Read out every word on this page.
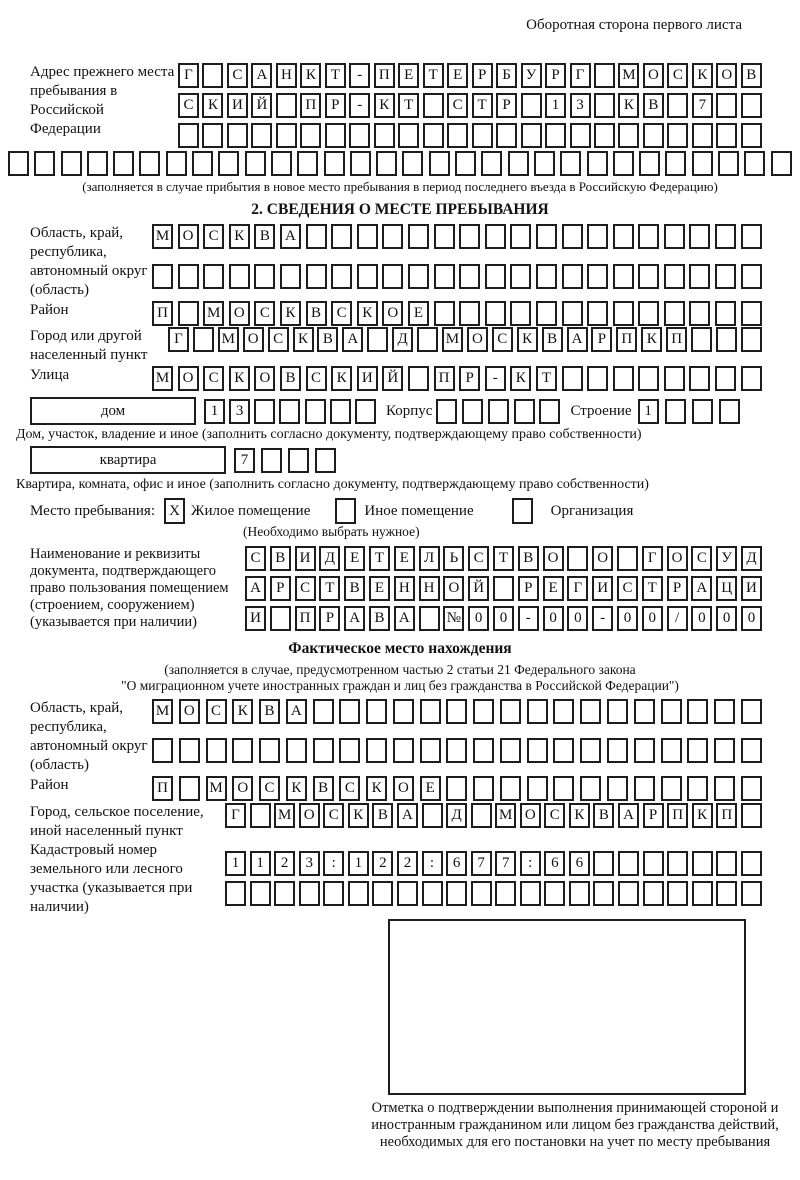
Оборотная сторона первого листа
Адрес прежнего места пребывания в Российской Федерации
Г	С А Н К Т	-	П Е	Т	Е	Р	Б У Р	Г	М О С К О В
С К И Й	П Р	-	К Т	С Т	Р	1	3	К В	7
(заполняется в случае прибытия в новое место пребывания в период последнего въезда в Российскую Федерацию)
2. СВЕДЕНИЯ О МЕСТЕ ПРЕБЫВАНИЯ
Область, край, республика, автономный округ (область)
М О	С	К	В	А
Район	П	М О	С	К	В	С	К	О	Е
Город или другой населенный пункт
Г	М О С К В А	Д	М О С К В А	Р	П К П
Улица	М О	С	К	О	В	С	К	И Й	П	Р	-	К	Т
дом	1	3	Корпус	Строение 1
Дом, участок, владение и иное (заполнить согласно документу, подтверждающему право собственности)
квартира	7
Квартира, комната, офис и иное (заполнить согласно документу, подтверждающему право собственности)
Место пребывания: X Жилое помещение	Иное помещение	Организация
(Необходимо выбрать нужное)
Наименование и реквизиты документа, подтверждающего право пользования помещением (строением, сооружением) (указывается при наличии)
С В И Д	Е	Т	Е	Л	Ь	С	Т	В О	О	Г	О С У Д
А	Р	С	Т	В	Е Н Н О Й	Р	Е	Г	И С	Т	Р	А Ц И
И	П	Р	А В А	№ 0	0	-	0	0	-	0	0	/	0	0	0
Фактическое место нахождения
(заполняется в случае, предусмотренном частью 2 статьи 21 Федерального закона
"О миграционном учете иностранных граждан и лиц без гражданства в Российской Федерации")
Область, край, республика, автономный округ (область)
М О	С	К	В	А
Район	П	М О	С	К	В	С	К	О	Е
Город, сельское поселение, иной населенный пункт
Г	М О С К В А	Д	М О С К В А Р П К П
Кадастровый номер земельного или лесного участка (указывается при наличии)
1	1	2	3	:	1	2	2	:	6	7	7	:	6	6
Отметка о подтверждении выполнения принимающей стороной и иностранным гражданином или лицом без гражданства действий, необходимых для его постановки на учет по месту пребывания
